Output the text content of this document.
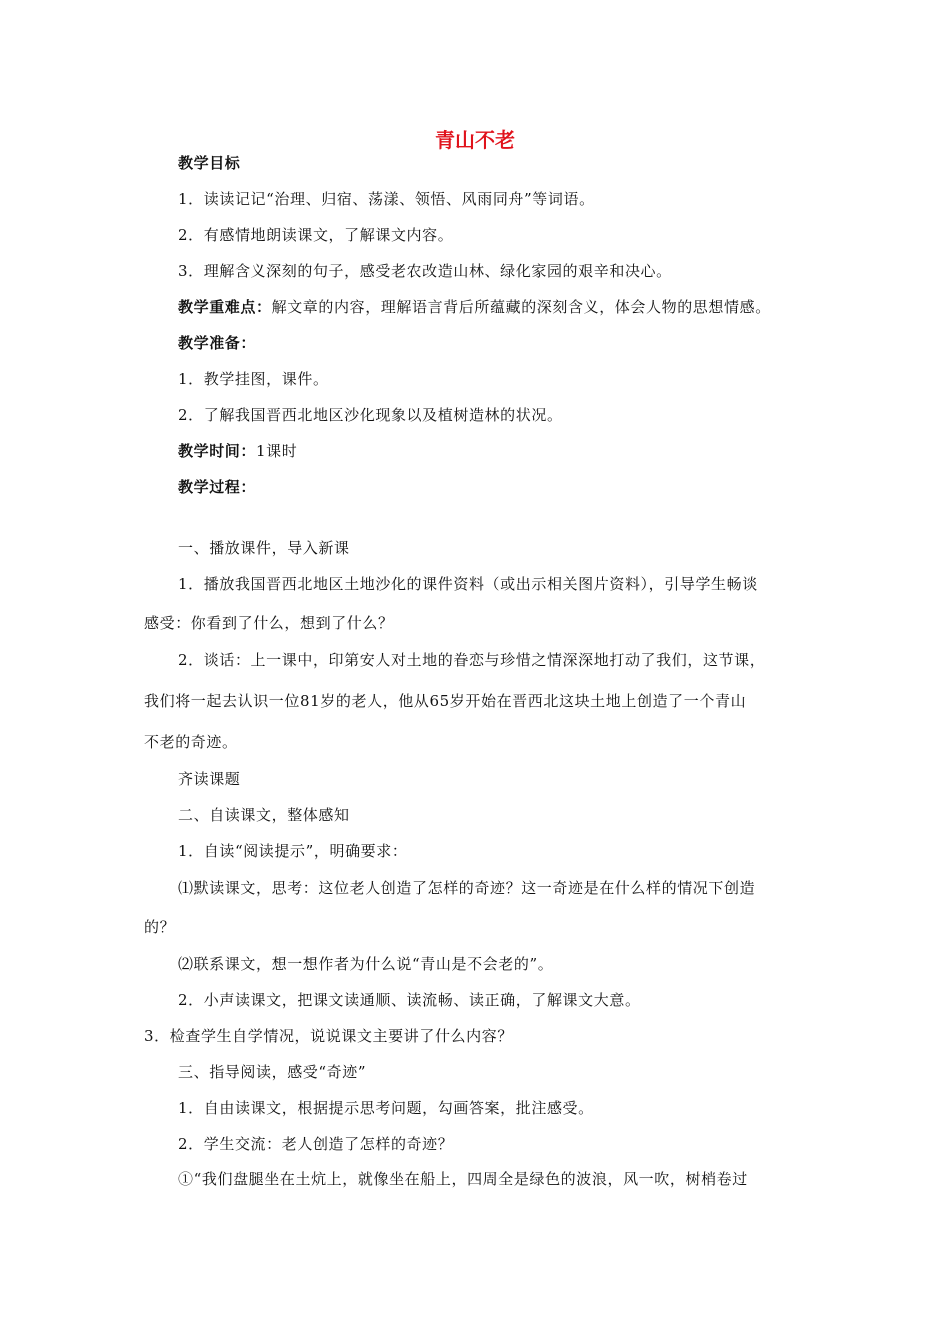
青山不老
教学目标
1．读读记记“治理、归宿、荡漾、领悟、风雨同舟”等词语。
2．有感情地朗读课文，了解课文内容。
3．理解含义深刻的句子，感受老农改造山林、绿化家园的艰辛和决心。
教学重难点：解文章的内容，理解语言背后所蕴藏的深刻含义，体会人物的思想情感。
教学准备：
1．教学挂图，课件。
2．了解我国晋西北地区沙化现象以及植树造林的状况。
教学时间：1课时
教学过程：
一、播放课件，导入新课
1．播放我国晋西北地区土地沙化的课件资料（或出示相关图片资料），引导学生畅谈
感受：你看到了什么，想到了什么？
2．谈话：上一课中，印第安人对土地的眷恋与珍惜之情深深地打动了我们，这节课，
我们将一起去认识一位81岁的老人，他从65岁开始在晋西北这块土地上创造了一个青山
不老的奇迹。
齐读课题
二、自读课文，整体感知
1．自读“阅读提示”，明确要求：
⑴默读课文，思考：这位老人创造了怎样的奇迹？这一奇迹是在什么样的情况下创造
的？
⑵联系课文，想一想作者为什么说“青山是不会老的”。
2．小声读课文，把课文读通顺、读流畅、读正确，了解课文大意。
3．检查学生自学情况，说说课文主要讲了什么内容？
三、指导阅读，感受“奇迹”
1．自由读课文，根据提示思考问题，勾画答案，批注感受。
2．学生交流：老人创造了怎样的奇迹？
①“我们盘腿坐在土炕上，就像坐在船上，四周全是绿色的波浪，风一吹，树梢卷过
